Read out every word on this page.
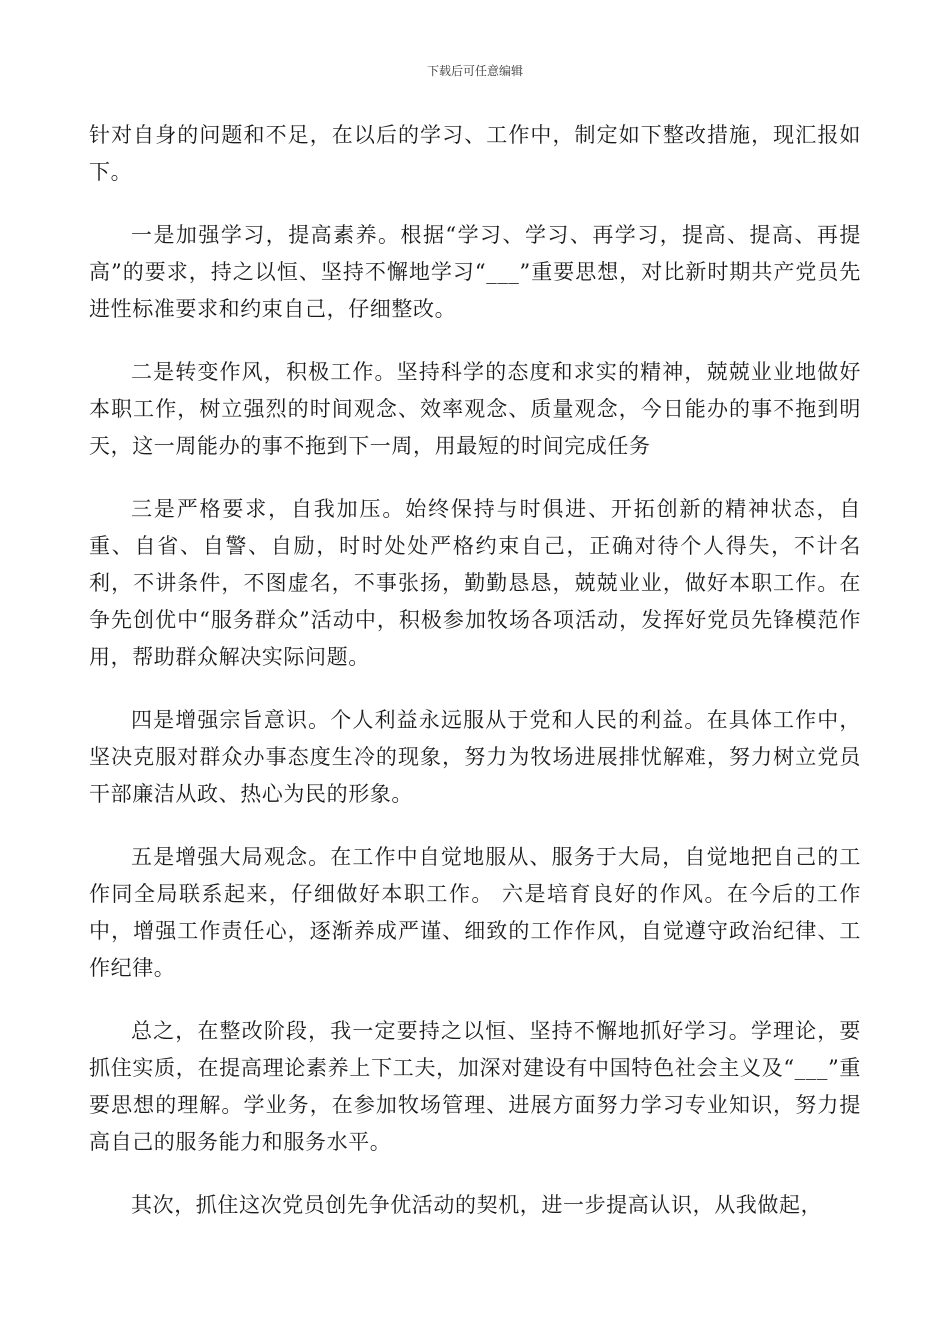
下载后可任意编辑

针对自身的问题和不足，在以后的学习、工作中，制定如下整改措施，现汇报如下。

一是加强学习，提高素养。根据“学习、学习、再学习，提高、提高、再提高”的要求，持之以恒、坚持不懈地学习“___”重要思想，对比新时期共产党员先进性标准要求和约束自己，仔细整改。

二是转变作风，积极工作。坚持科学的态度和求实的精神，兢兢业业地做好本职工作，树立强烈的时间观念、效率观念、质量观念，今日能办的事不拖到明天，这一周能办的事不拖到下一周，用最短的时间完成任务

三是严格要求，自我加压。始终保持与时俱进、开拓创新的精神状态，自重、自省、自警、自励，时时处处严格约束自己，正确对待个人得失，不计名利，不讲条件，不图虚名，不事张扬，勤勤恳恳，兢兢业业，做好本职工作。在争先创优中“服务群众”活动中，积极参加牧场各项活动，发挥好党员先锋模范作用，帮助群众解决实际问题。

四是增强宗旨意识。个人利益永远服从于党和人民的利益。在具体工作中，坚决克服对群众办事态度生冷的现象，努力为牧场进展排忧解难，努力树立党员干部廉洁从政、热心为民的形象。

五是增强大局观念。在工作中自觉地服从、服务于大局，自觉地把自己的工作同全局联系起来，仔细做好本职工作。 六是培育良好的作风。在今后的工作中，增强工作责任心，逐渐养成严谨、细致的工作作风，自觉遵守政治纪律、工作纪律。

总之，在整改阶段，我一定要持之以恒、坚持不懈地抓好学习。学理论，要抓住实质，在提高理论素养上下工夫，加深对建设有中国特色社会主义及“___”重要思想的理解。学业务，在参加牧场管理、进展方面努力学习专业知识，努力提高自己的服务能力和服务水平。

其次，抓住这次党员创先争优活动的契机，进一步提高认识，从我做起，
